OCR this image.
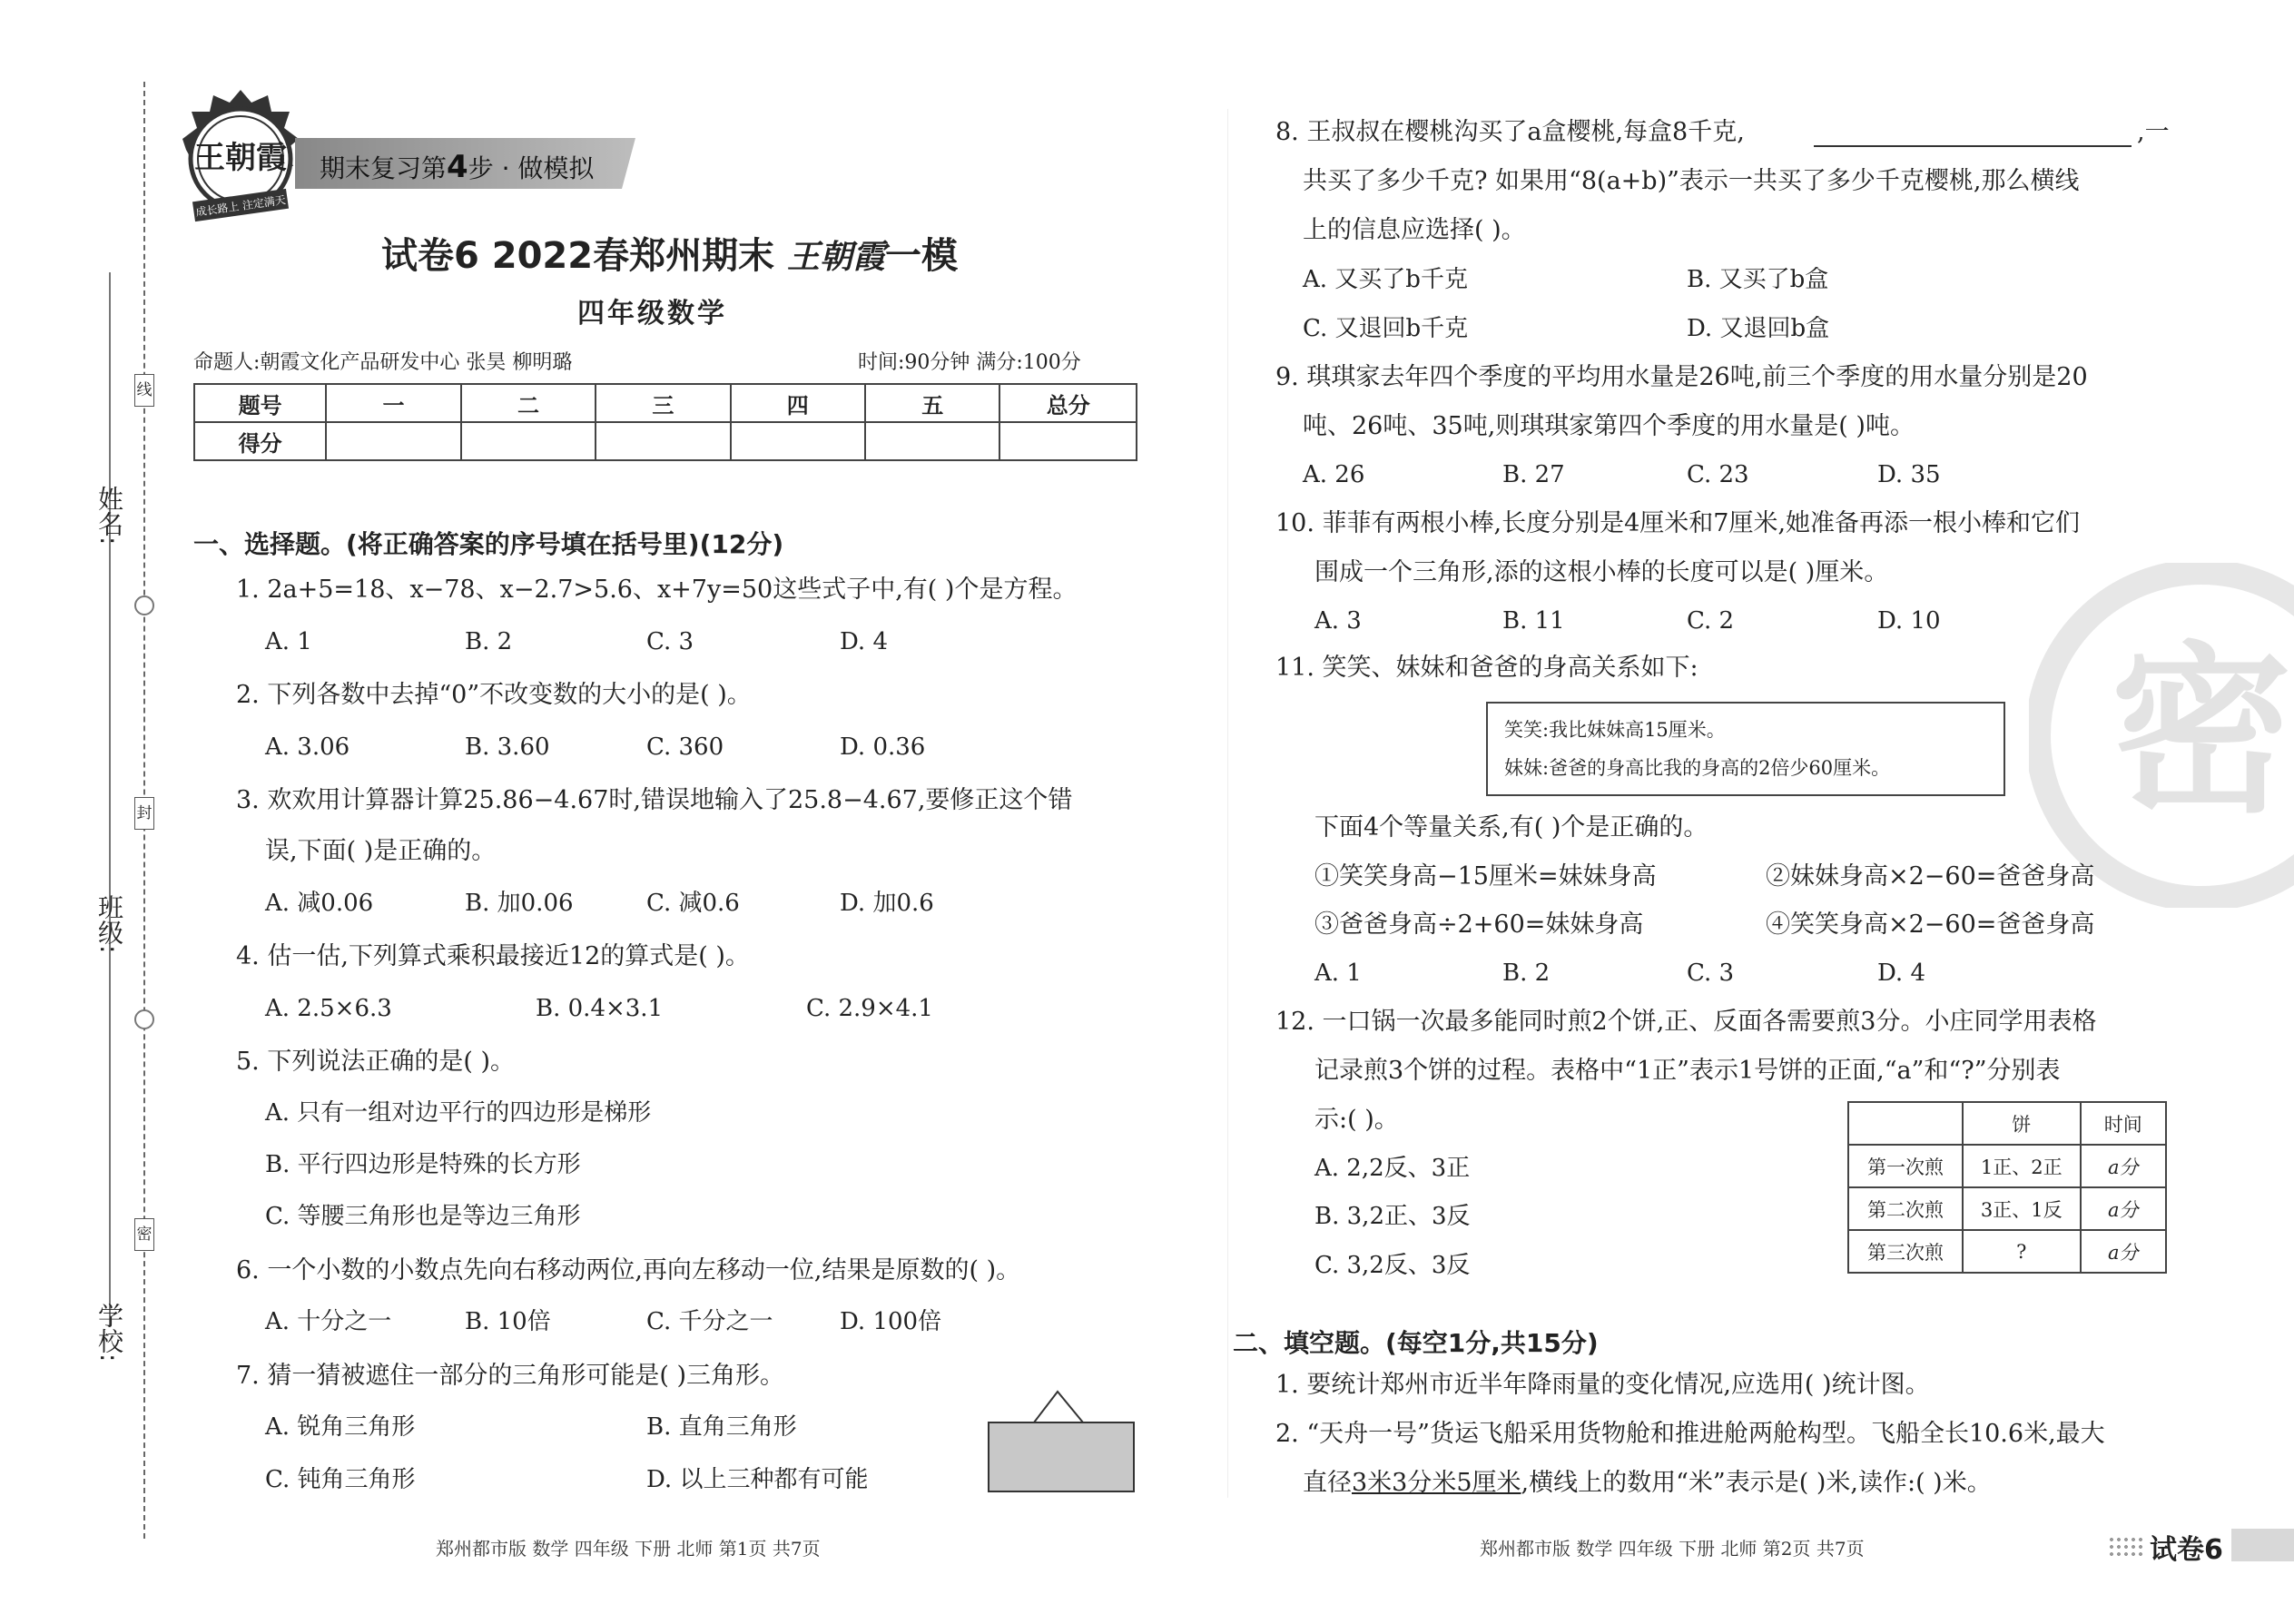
线
封
密
姓名:
班级:
学校:
王朝霞
成长路上 注定满天
期末复习第4步 · 做模拟
试卷6 2022春郑州期末 王朝霞一模
四年级数学
命题人:朝霞文化产品研发中心 张昊 柳明璐	时间:90分钟 满分:100分
题号	一	二	三	四	五	总分
得分						
一、选择题。(将正确答案的序号填在括号里)(12分)
1. 2a+5=18、x−78、x−2.7>5.6、x+7y=50这些式子中,有( )个是方程。
A. 1	B. 2	C. 3	D. 4
2. 下列各数中去掉“0”不改变数的大小的是( )。
A. 3.06	B. 3.60	C. 360	D. 0.36
3. 欢欢用计算器计算25.86−4.67时,错误地输入了25.8−4.67,要修正这个错
误,下面( )是正确的。
A. 减0.06	B. 加0.06	C. 减0.6	D. 加0.6
4. 估一估,下列算式乘积最接近12的算式是( )。
A. 2.5×6.3	B. 0.4×3.1	C. 2.9×4.1
5. 下列说法正确的是( )。
A. 只有一组对边平行的四边形是梯形
B. 平行四边形是特殊的长方形
C. 等腰三角形也是等边三角形
6. 一个小数的小数点先向右移动两位,再向左移动一位,结果是原数的( )。
A. 十分之一	B. 10倍	C. 千分之一	D. 100倍
7. 猜一猜被遮住一部分的三角形可能是( )三角形。
A. 锐角三角形	B. 直角三角形
C. 钝角三角形	D. 以上三种都有可能
郑州都市版 数学 四年级 下册 北师 第1页 共7页
密
8. 王叔叔在樱桃沟买了a盒樱桃,每盒8千克,	,一
共买了多少千克? 如果用“8(a+b)”表示一共买了多少千克樱桃,那么横线
上的信息应选择( )。
A. 又买了b千克	B. 又买了b盒
C. 又退回b千克	D. 又退回b盒
9. 琪琪家去年四个季度的平均用水量是26吨,前三个季度的用水量分别是20
吨、26吨、35吨,则琪琪家第四个季度的用水量是( )吨。
A. 26	B. 27	C. 23	D. 35
10. 菲菲有两根小棒,长度分别是4厘米和7厘米,她准备再添一根小棒和它们
围成一个三角形,添的这根小棒的长度可以是( )厘米。
A. 3	B. 11	C. 2	D. 10
11. 笑笑、妹妹和爸爸的身高关系如下:
笑笑:我比妹妹高15厘米。
妹妹:爸爸的身高比我的身高的2倍少60厘米。
下面4个等量关系,有( )个是正确的。
①笑笑身高−15厘米=妹妹身高	②妹妹身高×2−60=爸爸身高
③爸爸身高÷2+60=妹妹身高	④笑笑身高×2−60=爸爸身高
A. 1	B. 2	C. 3	D. 4
12. 一口锅一次最多能同时煎2个饼,正、反面各需要煎3分。小庄同学用表格
记录煎3个饼的过程。表格中“1正”表示1号饼的正面,“a”和“?”分别表
示:( )。
A. 2,2反、3正
B. 3,2正、3反
C. 3,2反、3反
	饼	时间
第一次煎	1正、2正	a分
第二次煎	3正、1反	a分
第三次煎	?	a分
二、填空题。(每空1分,共15分)
1. 要统计郑州市近半年降雨量的变化情况,应选用( )统计图。
2. “天舟一号”货运飞船采用货物舱和推进舱两舱构型。飞船全长10.6米,最大
直径3米3分米5厘米,横线上的数用“米”表示是( )米,读作:( )米。
郑州都市版 数学 四年级 下册 北师 第2页 共7页	试卷6
